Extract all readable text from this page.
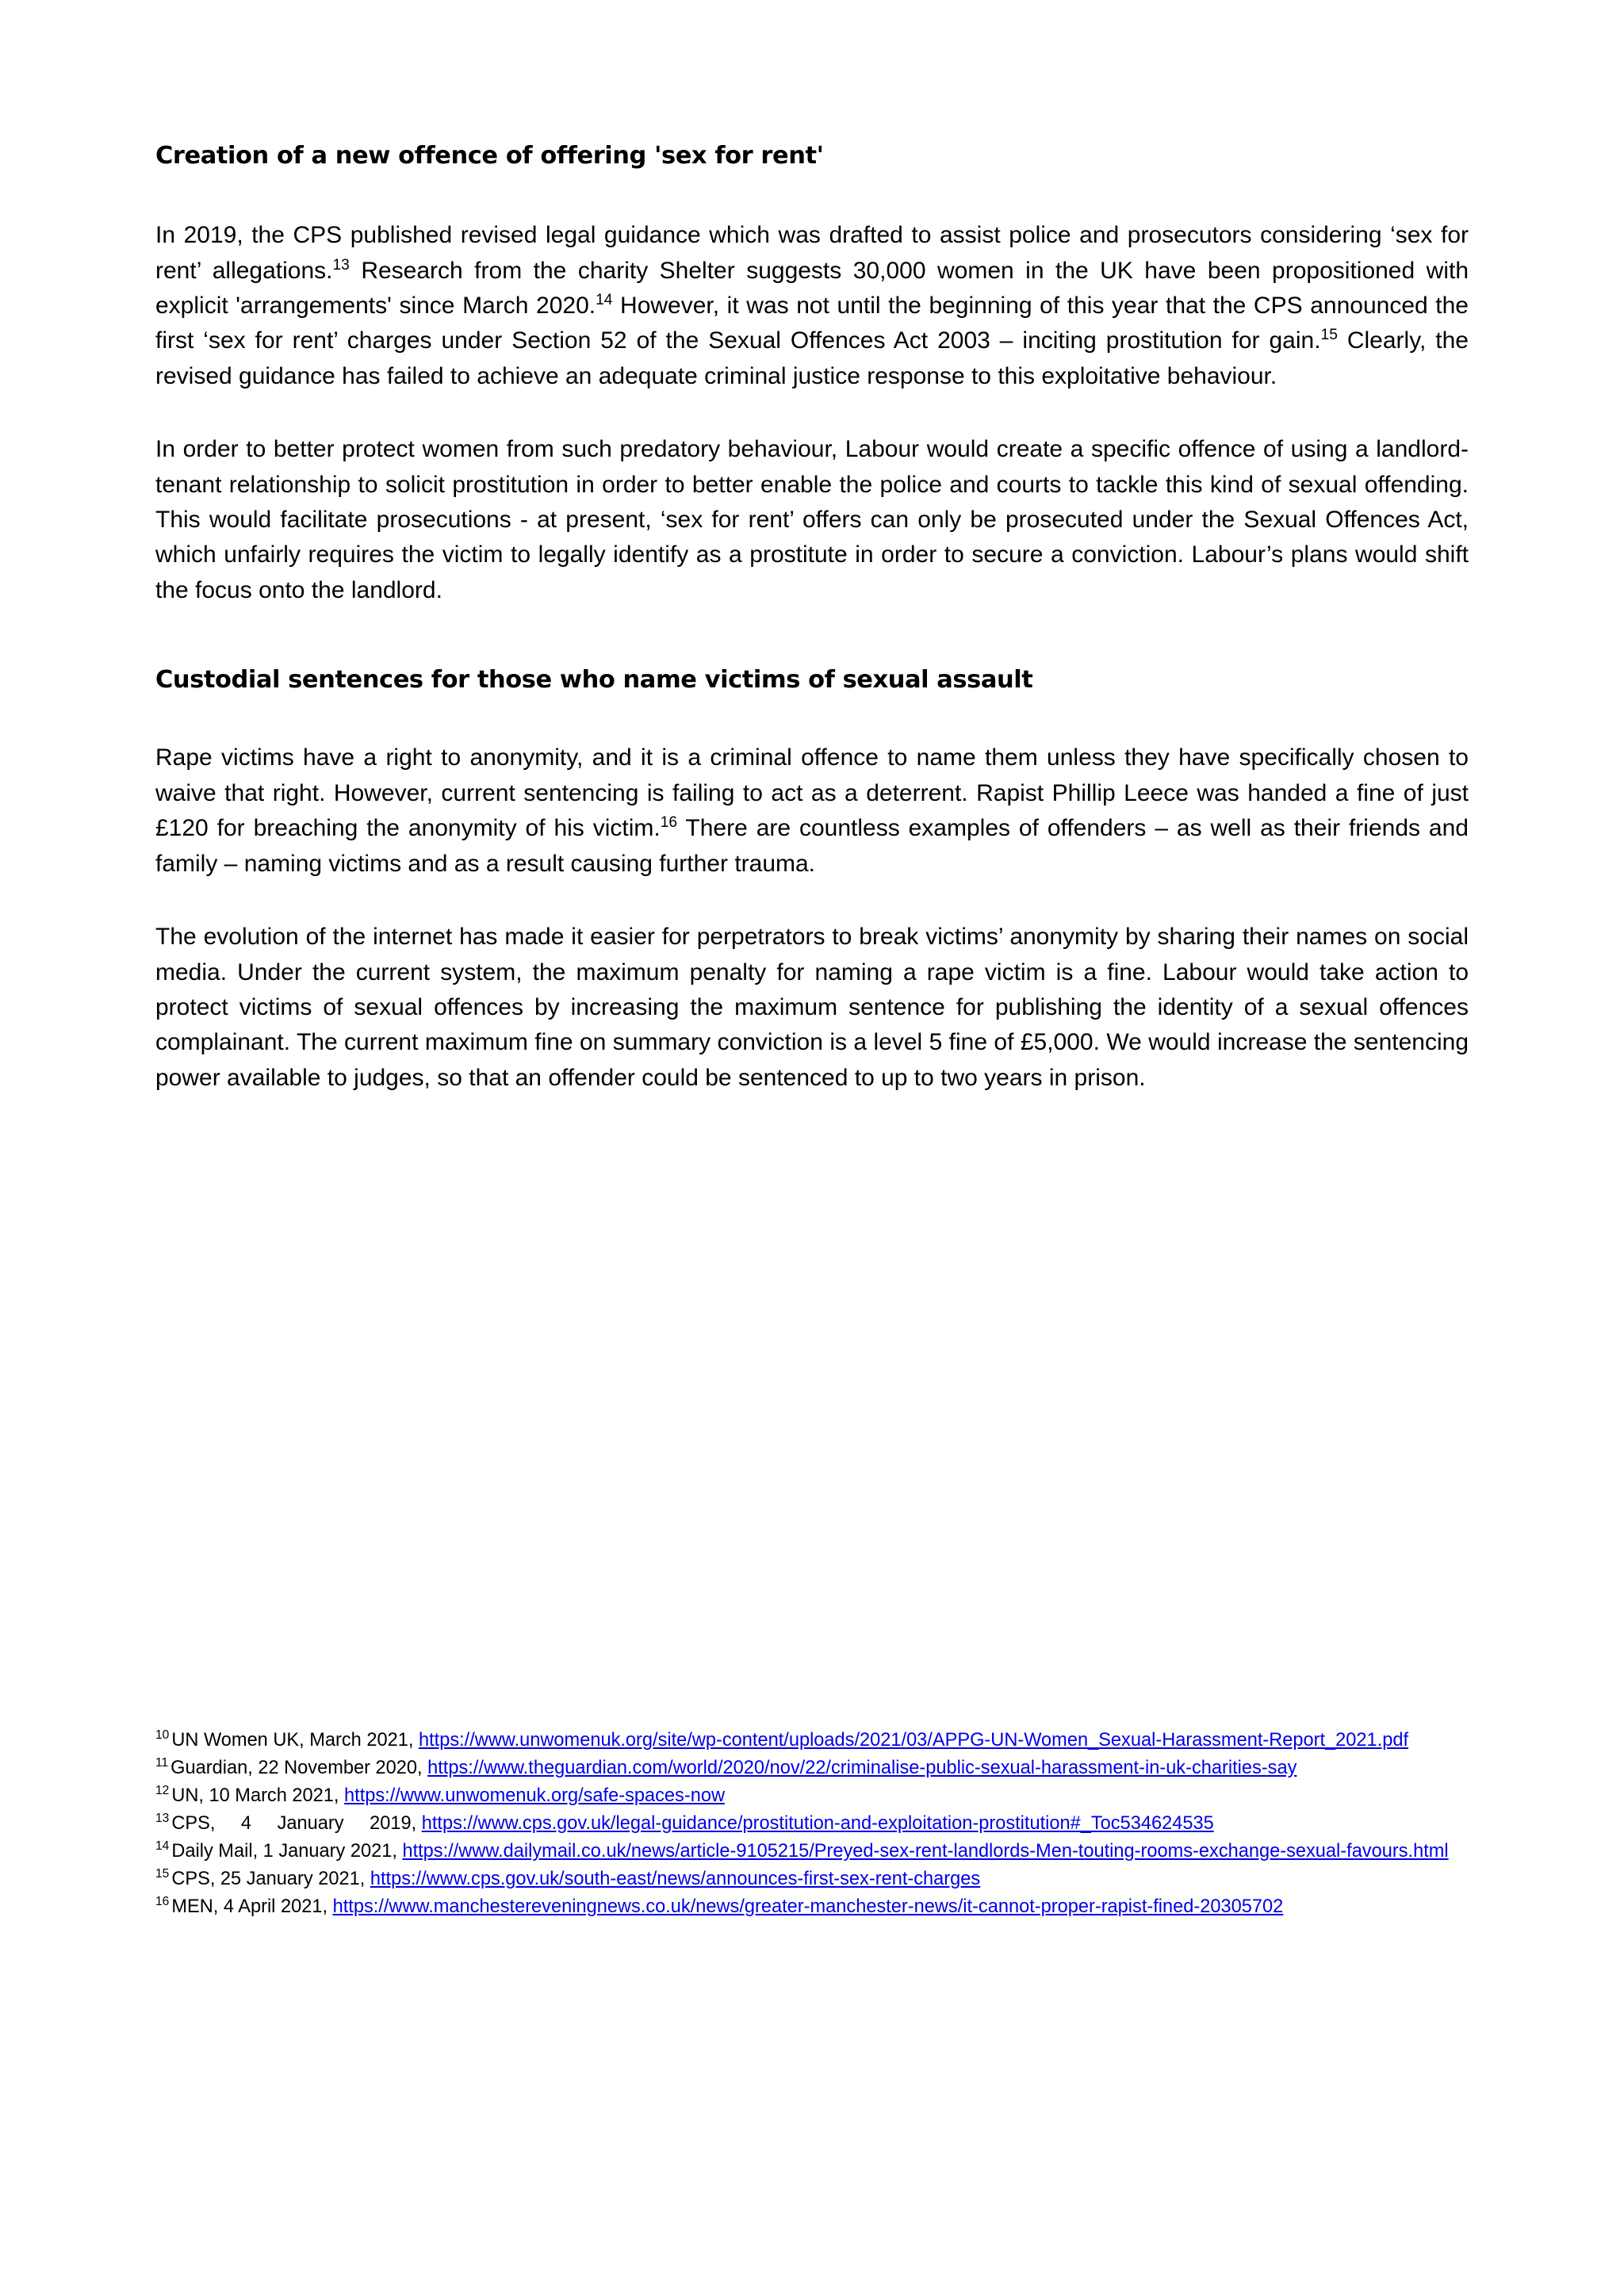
Creation of a new offence of offering 'sex for rent'

In 2019, the CPS published revised legal guidance which was drafted to assist police and prosecutors considering ‘sex for rent’ allegations.$^{13}$ Research from the charity Shelter suggests 30,000 women in the UK have been propositioned with explicit 'arrangements' since March 2020.14 However, it was not until the beginning of this year that the CPS announced the first ‘sex for rent’ charges under Section 52 of the Sexual Offences Act 2003 – inciting prostitution for gain.$^{15}$ Clearly, the revised guidance has failed to achieve an adequate criminal justice response to this exploitative behaviour.

In order to better protect women from such predatory behaviour, Labour would create a specific offence of using a landlord-tenant relationship to solicit prostitution in order to better enable the police and courts to tackle this kind of sexual offending. This would facilitate prosecutions - at present, ‘sex for rent’ offers can only be prosecuted under the Sexual Offences Act, which unfairly requires the victim to legally identify as a prostitute in order to secure a conviction. Labour’s plans would shift the focus onto the landlord.

Custodial sentences for those who name victims of sexual assault

Rape victims have a right to anonymity, and it is a criminal offence to name them unless they have specifically chosen to waive that right. However, current sentencing is failing to act as a deterrent. Rapist Phillip Leece was handed a fine of just £120 for breaching the anonymity of his victim.$^{16}$ There are countless examples of offenders – as well as their friends and family – naming victims and as a result causing further trauma.

The evolution of the internet has made it easier for perpetrators to break victims’ anonymity by sharing their names on social media. Under the current system, the maximum penalty for naming a rape victim is a fine. Labour would take action to protect victims of sexual offences by increasing the maximum sentence for publishing the identity of a sexual offences complainant. The current maximum fine on summary conviction is a level 5 fine of £5,000. We would increase the sentencing power available to judges, so that an offender could be sentenced to up to two years in prison.

$^{10}$ UN Women UK, March 2021, https://www.unwomenuk.org/site/wp-content/uploads/2021/03/APPG-UN-Women_Sexual-Harassment-Report_2021.pdf

$^{11}$ Guardian, 22 November 2020, https://www.theguardian.com/world/2020/nov/22/criminalise-public-sexual-harassment-in-uk-charities-say

$^{12}$ UN, 10 March 2021, https://www.unwomenuk.org/safe-spaces-now

$^{13}$ CPS, 4 January 2019, https://www.cps.gov.uk/legal-guidance/prostitution-and-exploitation-prostitution#_Toc534624535

$^{14}$ Daily Mail, 1 January 2021, https://www.dailymail.co.uk/news/article-9105215/Preyed-sex-rent-landlords-Men-touting-rooms-exchange-sexual-favours.html

$^{15}$ CPS, 25 January 2021, https://www.cps.gov.uk/south-east/news/announces-first-sex-rent-charges

$^{16}$ MEN, 4 April 2021, https://www.manchestereveningnews.co.uk/news/greater-manchester-news/it-cannot-proper-rapist-fined-20305702
